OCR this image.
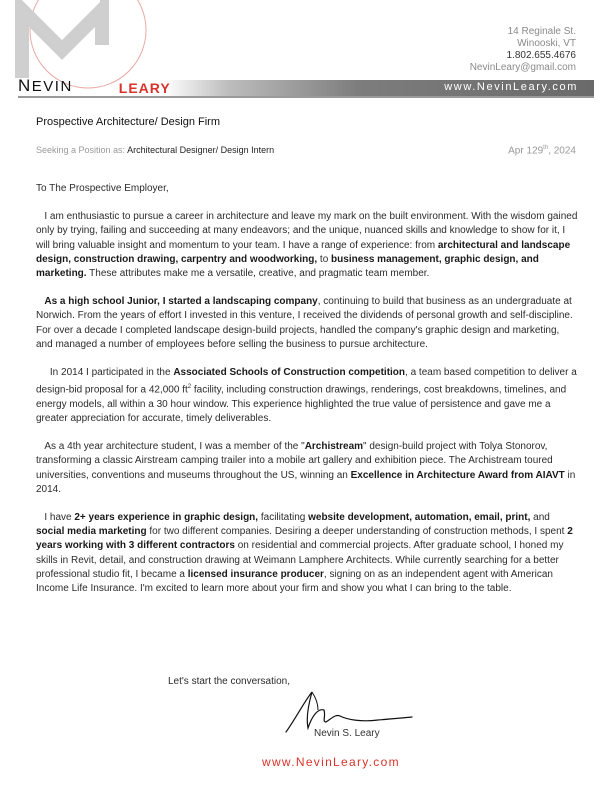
14 Reginale St.
Winooski, VT
1.802.655.4676
NevinLeary@gmail.com
www.NevinLeary.com
NEVIN	LEARY
Prospective Architecture/ Design Firm
Seeking a Position as: Architectural Designer/ Design Intern	Apr 129th, 2024
To The Prospective Employer,

I am enthusiastic to pursue a career in architecture and leave my mark on the built environment. With the wisdom gained only by trying, failing and succeeding at many endeavors; and the unique, nuanced skills and knowledge to show for it, I will bring valuable insight and momentum to your team. I have a range of experience: from architectural and landscape design, construction drawing, carpentry and woodworking, to business management, graphic design, and marketing. These attributes make me a versatile, creative, and pragmatic team member.

As a high school Junior, I started a landscaping company, continuing to build that business as an undergraduate at Norwich. From the years of effort I invested in this venture, I received the dividends of personal growth and self-discipline. For over a decade I completed landscape design-build projects, handled the company's graphic design and marketing, and managed a number of employees before selling the business to pursue architecture.

In 2014 I participated in the Associated Schools of Construction competition, a team based competition to deliver a design-bid proposal for a 42,000 $ft^2$ facility, including construction drawings, renderings, cost breakdowns, timelines, and energy models, all within a 30 hour window. This experience highlighted the true value of persistence and gave me a greater appreciation for accurate, timely deliverables.

As a 4th year architecture student, I was a member of the "Archistream" design-build project with Tolya Stonorov, transforming a classic Airstream camping trailer into a mobile art gallery and exhibition piece. The Archistream toured universities, conventions and museums throughout the US, winning an Excellence in Architecture Award from AIAVT in 2014.

I have 2+ years experience in graphic design, facilitating website development, automation, email, print, and social media marketing for two different companies. Desiring a deeper understanding of construction methods, I spent 2 years working with 3 different contractors on residential and commercial projects. After graduate school, I honed my skills in Revit, detail, and construction drawing at Weimann Lamphere Architects. While currently searching for a better professional studio fit, I became a licensed insurance producer, signing on as an independent agent with American Income Life Insurance. I'm excited to learn more about your firm and show you what I can bring to the table.

Let's start the conversation,
Nevin S. Leary
www.NevinLeary.com
